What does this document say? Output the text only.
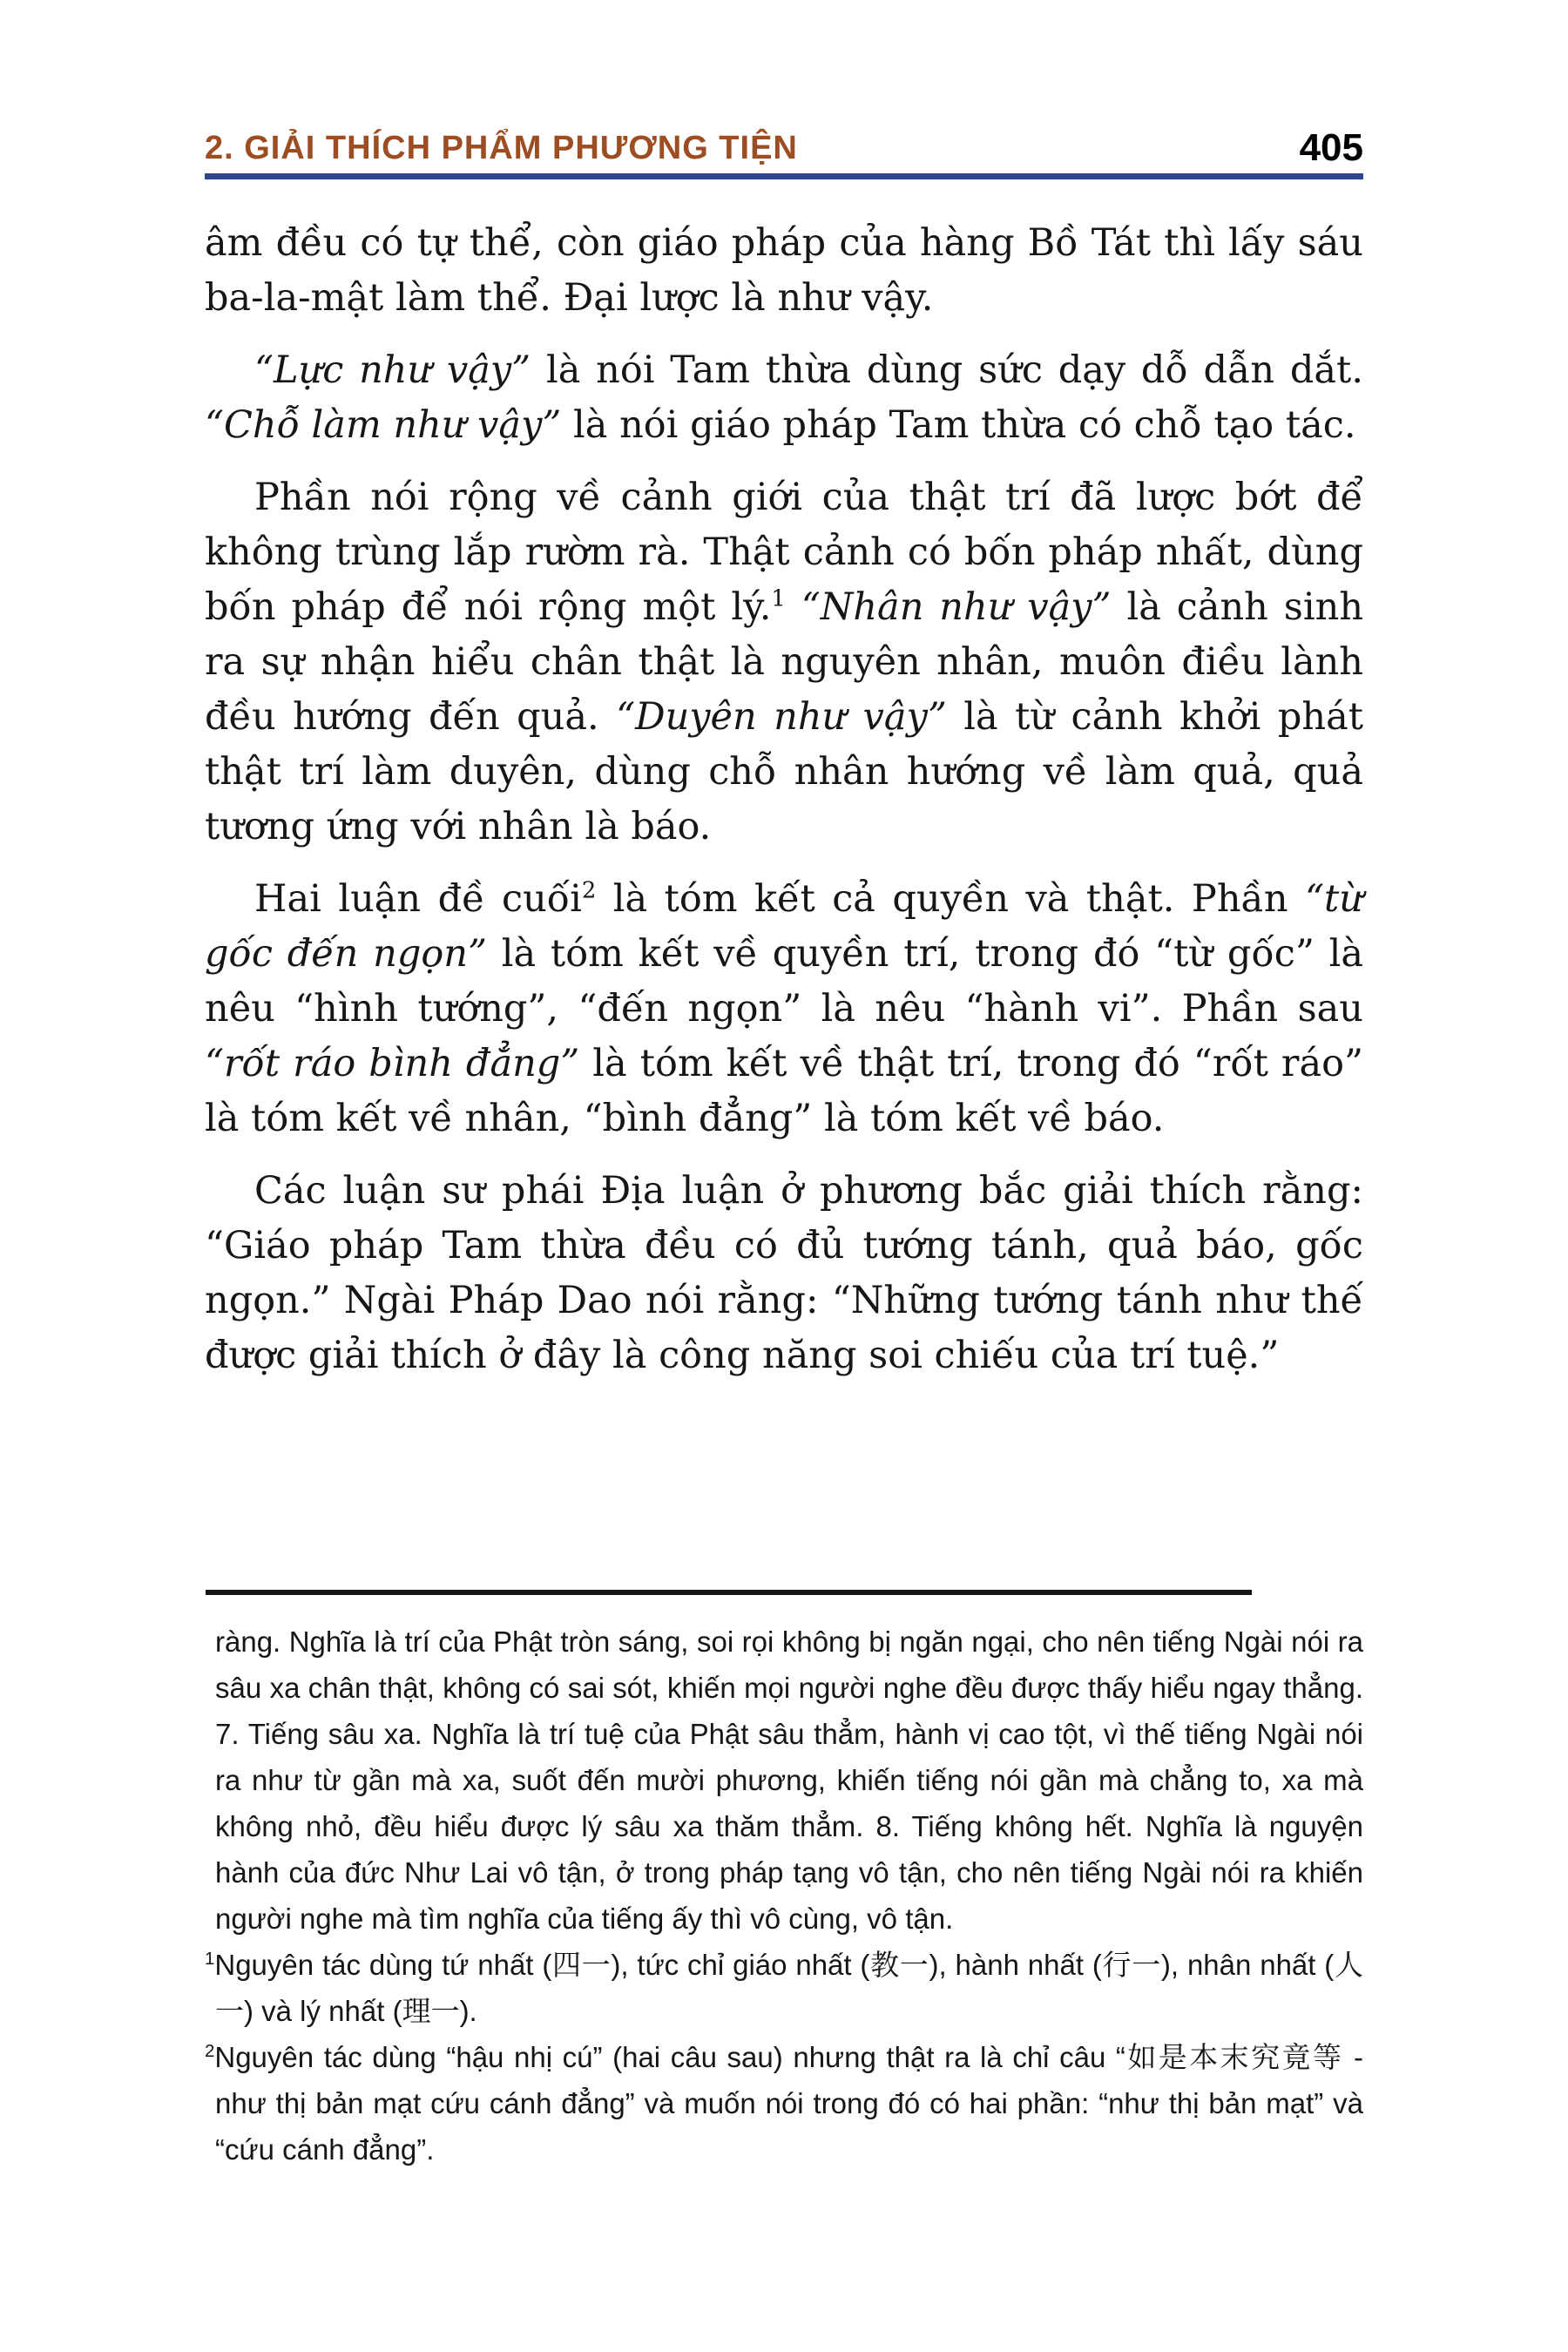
2. GIẢI THÍCH PHẨM PHƯƠNG TIỆN	405

âm đều có tự thể, còn giáo pháp của hàng Bồ Tát thì lấy sáu ba-la-mật làm thể. Đại lược là như vậy.

“Lực như vậy” là nói Tam thừa dùng sức dạy dỗ dẫn dắt. “Chỗ làm như vậy” là nói giáo pháp Tam thừa có chỗ tạo tác.

Phần nói rộng về cảnh giới của thật trí đã lược bớt để không trùng lắp rườm rà. Thật cảnh có bốn pháp nhất, dùng bốn pháp để nói rộng một lý.$^1$ “Nhân như vậy” là cảnh sinh ra sự nhận hiểu chân thật là nguyên nhân, muôn điều lành đều hướng đến quả. “Duyên như vậy” là từ cảnh khởi phát thật trí làm duyên, dùng chỗ nhân hướng về làm quả, quả tương ứng với nhân là báo.

Hai luận đề cuối$^2$ là tóm kết cả quyền và thật. Phần “từ gốc đến ngọn” là tóm kết về quyền trí, trong đó “từ gốc” là nêu “hình tướng”, “đến ngọn” là nêu “hành vi”. Phần sau “rốt ráo bình đẳng” là tóm kết về thật trí, trong đó “rốt ráo” là tóm kết về nhân, “bình đẳng” là tóm kết về báo.

Các luận sư phái Địa luận ở phương bắc giải thích rằng: “Giáo pháp Tam thừa đều có đủ tướng tánh, quả báo, gốc ngọn.” Ngài Pháp Dao nói rằng: “Những tướng tánh như thế được giải thích ở đây là công năng soi chiếu của trí tuệ.”

ràng. Nghĩa là trí của Phật tròn sáng, soi rọi không bị ngăn ngại, cho nên tiếng Ngài nói ra sâu xa chân thật, không có sai sót, khiến mọi người nghe đều được thấy hiểu ngay thẳng. 7. Tiếng sâu xa. Nghĩa là trí tuệ của Phật sâu thẳm, hành vị cao tột, vì thế tiếng Ngài nói ra như từ gần mà xa, suốt đến mười phương, khiến tiếng nói gần mà chẳng to, xa mà không nhỏ, đều hiểu được lý sâu xa thăm thẳm. 8. Tiếng không hết. Nghĩa là nguyện hành của đức Như Lai vô tận, ở trong pháp tạng vô tận, cho nên tiếng Ngài nói ra khiến người nghe mà tìm nghĩa của tiếng ấy thì vô cùng, vô tận.

$^1$Nguyên tác dùng tứ nhất (四一), tức chỉ giáo nhất (教一), hành nhất (行一), nhân nhất (人一) và lý nhất (理一).

$^2$Nguyên tác dùng “hậu nhị cú” (hai câu sau) nhưng thật ra là chỉ câu “如是本末究竟等 - như thị bản mạt cứu cánh đẳng” và muốn nói trong đó có hai phần: “như thị bản mạt” và “cứu cánh đẳng”.
